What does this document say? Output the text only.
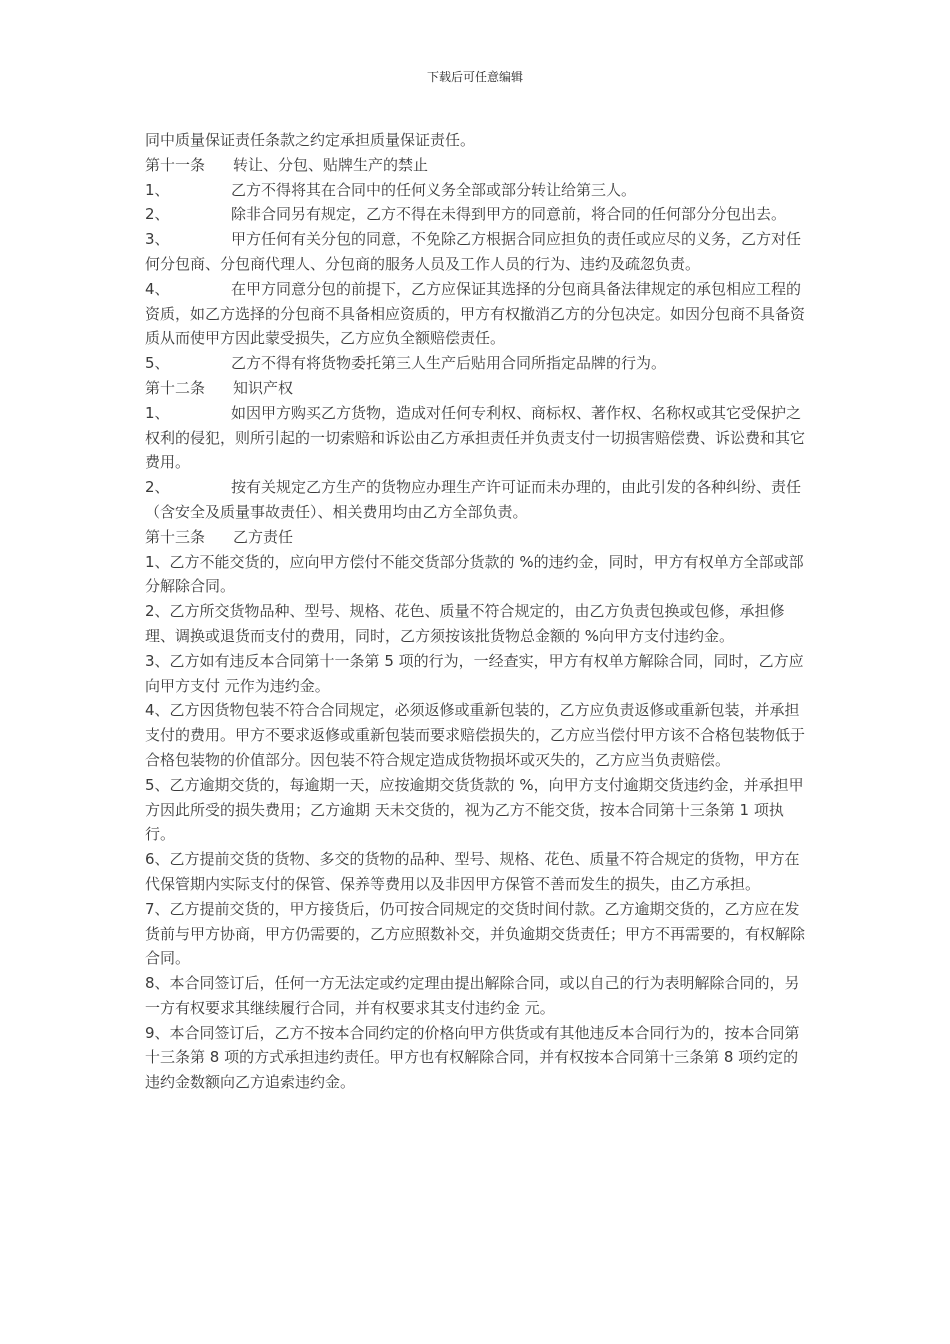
下载后可任意编辑

同中质量保证责任条款之约定承担质量保证责任。

第十一条 转让、分包、贴牌生产的禁止

1、	乙方不得将其在合同中的任何义务全部或部分转让给第三人。

2、	除非合同另有规定，乙方不得在未得到甲方的同意前，将合同的任何部分分包出去。

3、	甲方任何有关分包的同意，不免除乙方根据合同应担负的责任或应尽的义务，乙方对任何分包商、分包商代理人、分包商的服务人员及工作人员的行为、违约及疏忽负责。

4、	在甲方同意分包的前提下，乙方应保证其选择的分包商具备法律规定的承包相应工程的资质，如乙方选择的分包商不具备相应资质的，甲方有权撤消乙方的分包决定。如因分包商不具备资质从而使甲方因此蒙受损失，乙方应负全额赔偿责任。

5、	乙方不得有将货物委托第三人生产后贴用合同所指定品牌的行为。

第十二条 知识产权

1、	如因甲方购买乙方货物，造成对任何专利权、商标权、著作权、名称权或其它受保护之权利的侵犯，则所引起的一切索赔和诉讼由乙方承担责任并负责支付一切损害赔偿费、诉讼费和其它费用。

2、	按有关规定乙方生产的货物应办理生产许可证而未办理的，由此引发的各种纠纷、责任（含安全及质量事故责任）、相关费用均由乙方全部负责。

第十三条 乙方责任

1、乙方不能交货的，应向甲方偿付不能交货部分货款的 %的违约金，同时，甲方有权单方全部或部分解除合同。

2、乙方所交货物品种、型号、规格、花色、质量不符合规定的，由乙方负责包换或包修，承担修理、调换或退货而支付的费用，同时，乙方须按该批货物总金额的 %向甲方支付违约金。

3、乙方如有违反本合同第十一条第 5 项的行为，一经查实，甲方有权单方解除合同，同时，乙方应向甲方支付 元作为违约金。

4、乙方因货物包装不符合合同规定，必须返修或重新包装的，乙方应负责返修或重新包装，并承担支付的费用。甲方不要求返修或重新包装而要求赔偿损失的，乙方应当偿付甲方该不合格包装物低于合格包装物的价值部分。因包装不符合规定造成货物损坏或灭失的，乙方应当负责赔偿。

5、乙方逾期交货的，每逾期一天，应按逾期交货货款的 %，向甲方支付逾期交货违约金，并承担甲方因此所受的损失费用；乙方逾期 天未交货的，视为乙方不能交货，按本合同第十三条第 1 项执行。

6、乙方提前交货的货物、多交的货物的品种、型号、规格、花色、质量不符合规定的货物，甲方在代保管期内实际支付的保管、保养等费用以及非因甲方保管不善而发生的损失，由乙方承担。

7、乙方提前交货的，甲方接货后，仍可按合同规定的交货时间付款。乙方逾期交货的，乙方应在发货前与甲方协商，甲方仍需要的，乙方应照数补交，并负逾期交货责任；甲方不再需要的，有权解除合同。

8、本合同签订后，任何一方无法定或约定理由提出解除合同，或以自己的行为表明解除合同的，另一方有权要求其继续履行合同，并有权要求其支付违约金 元。

9、本合同签订后，乙方不按本合同约定的价格向甲方供货或有其他违反本合同行为的，按本合同第十三条第 8 项的方式承担违约责任。甲方也有权解除合同，并有权按本合同第十三条第 8 项约定的违约金数额向乙方追索违约金。
